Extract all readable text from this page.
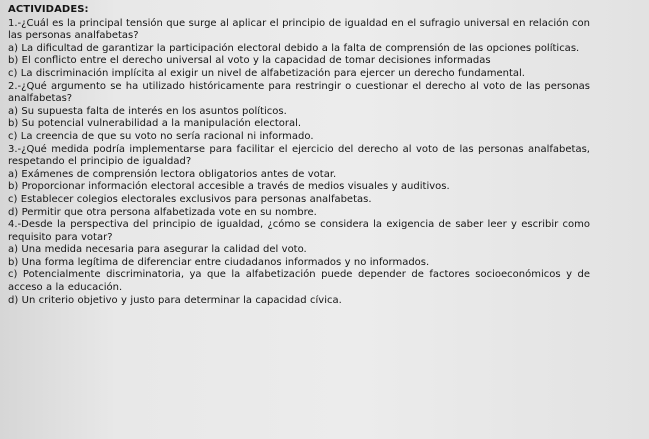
ACTIVIDADES:

1.-¿Cuál es la principal tensión que surge al aplicar el principio de igualdad en el sufragio universal en relación con las personas analfabetas?

a) La dificultad de garantizar la participación electoral debido a la falta de comprensión de las opciones políticas.

b) El conflicto entre el derecho universal al voto y la capacidad de tomar decisiones informadas

c) La discriminación implícita al exigir un nivel de alfabetización para ejercer un derecho fundamental.

2.-¿Qué argumento se ha utilizado históricamente para restringir o cuestionar el derecho al voto de las personas analfabetas?

a) Su supuesta falta de interés en los asuntos políticos.

b) Su potencial vulnerabilidad a la manipulación electoral.

c) La creencia de que su voto no sería racional ni informado.

3.-¿Qué medida podría implementarse para facilitar el ejercicio del derecho al voto de las personas analfabetas, respetando el principio de igualdad?

a) Exámenes de comprensión lectora obligatorios antes de votar.

b) Proporcionar información electoral accesible a través de medios visuales y auditivos.

c) Establecer colegios electorales exclusivos para personas analfabetas.

d) Permitir que otra persona alfabetizada vote en su nombre.

4.-Desde la perspectiva del principio de igualdad, ¿cómo se considera la exigencia de saber leer y escribir como requisito para votar?

a) Una medida necesaria para asegurar la calidad del voto.

b) Una forma legítima de diferenciar entre ciudadanos informados y no informados.

c) Potencialmente discriminatoria, ya que la alfabetización puede depender de factores socioeconómicos y de acceso a la educación.

d) Un criterio objetivo y justo para determinar la capacidad cívica.
